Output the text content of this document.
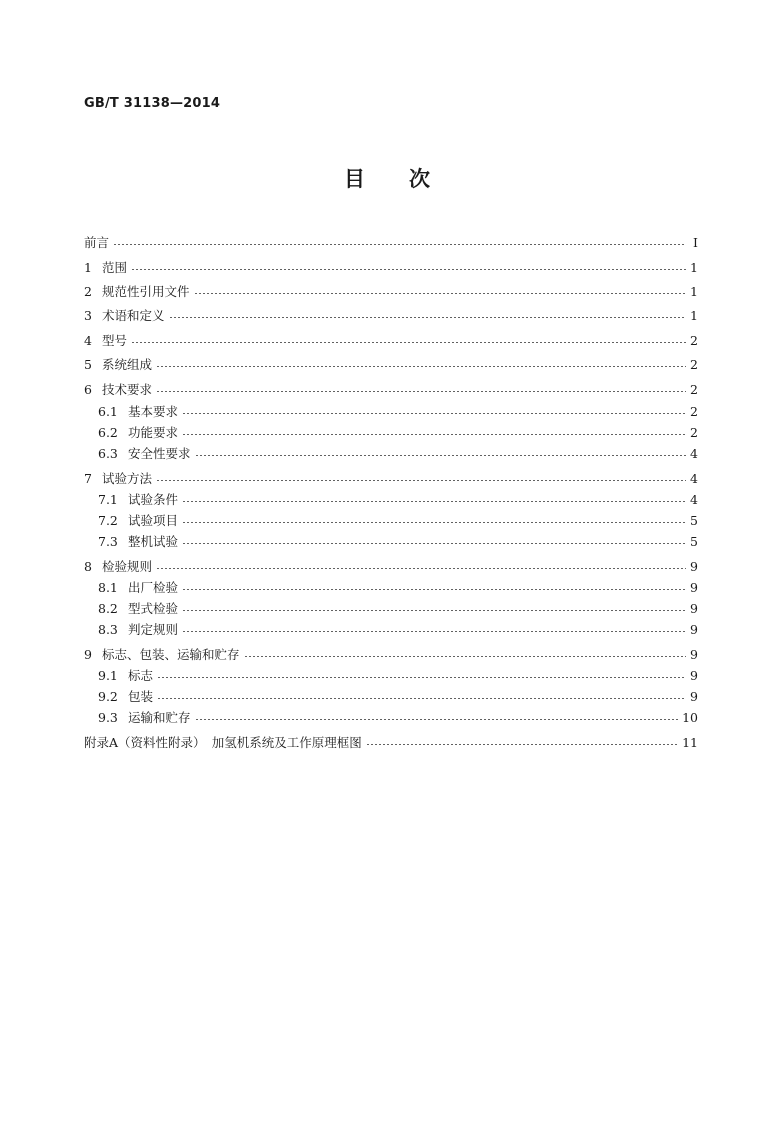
GB/T 31138—2014
目 次
前言	Ⅰ
1 范围	1
2 规范性引用文件	1
3 术语和定义	1
4 型号	2
5 系统组成	2
6 技术要求	2
6.1 基本要求	2
6.2 功能要求	2
6.3 安全性要求	4
7 试验方法	4
7.1 试验条件	4
7.2 试验项目	5
7.3 整机试验	5
8 检验规则	9
8.1 出厂检验	9
8.2 型式检验	9
8.3 判定规则	9
9 标志、包装、运输和贮存	9
9.1 标志	9
9.2 包装	9
9.3 运输和贮存	10
附录A（资料性附录）　加氢机系统及工作原理框图	11
